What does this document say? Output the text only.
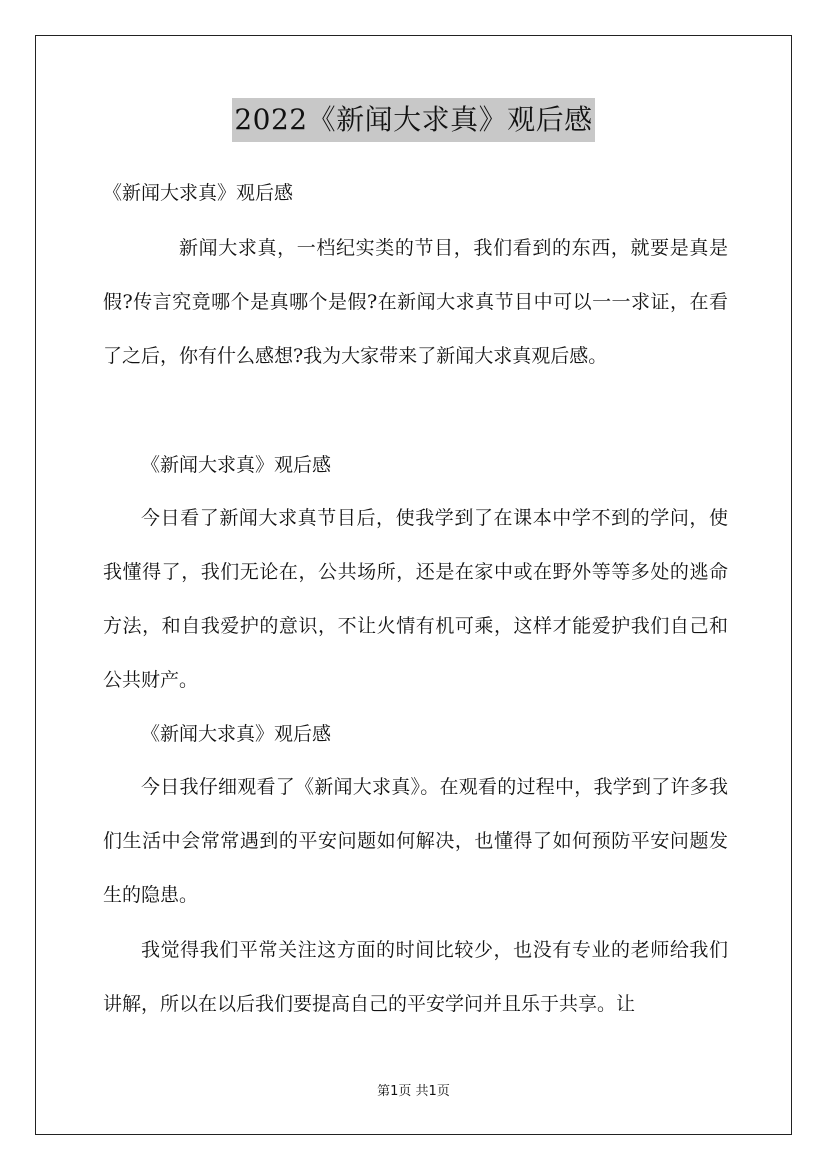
2022《新闻大求真》观后感
《新闻大求真》观后感
新闻大求真，一档纪实类的节目，我们看到的东西，就要是真是假?传言究竟哪个是真哪个是假?在新闻大求真节目中可以一一求证，在看了之后，你有什么感想?我为大家带来了新闻大求真观后感。
《新闻大求真》观后感
今日看了新闻大求真节目后，使我学到了在课本中学不到的学问，使我懂得了，我们无论在，公共场所，还是在家中或在野外等等多处的逃命方法，和自我爱护的意识，不让火情有机可乘，这样才能爱护我们自己和公共财产。
《新闻大求真》观后感
今日我仔细观看了《新闻大求真》。在观看的过程中，我学到了许多我们生活中会常常遇到的平安问题如何解决，也懂得了如何预防平安问题发生的隐患。
我觉得我们平常关注这方面的时间比较少，也没有专业的老师给我们讲解，所以在以后我们要提高自己的平安学问并且乐于共享。让
第1页 共1页
